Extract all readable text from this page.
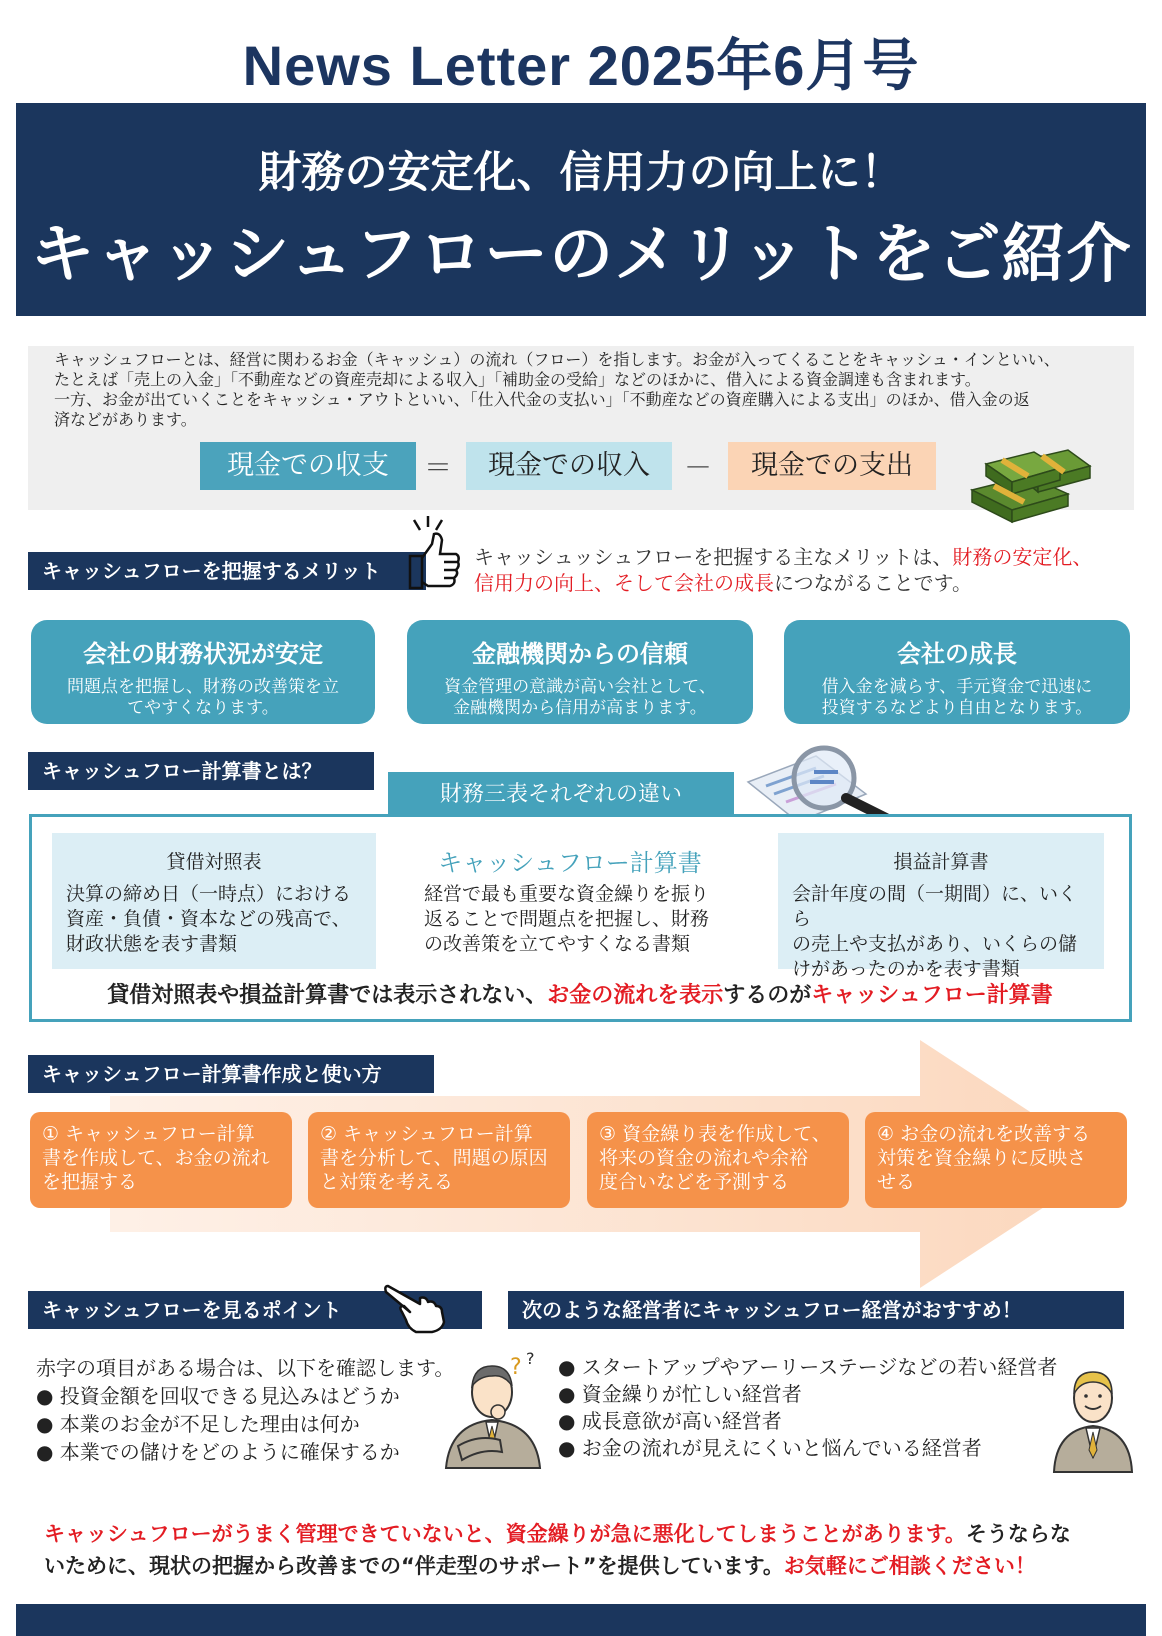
News Letter 2025年6月号
財務の安定化、信用力の向上に！
キャッシュフローのメリットをご紹介
キャッシュフローとは、経営に関わるお金（キャッシュ）の流れ（フロー）を指します。お金が入ってくることをキャッシュ・インといい、
たとえば「売上の入金」「不動産などの資産売却による収入」「補助金の受給」などのほかに、借入による資金調達も含まれます。
一方、お金が出ていくことをキャッシュ・アウトといい、「仕入代金の支払い」「不動産などの資産購入による支出」のほか、借入金の返
済などがあります。
現金での収支	＝	現金での収入	－	現金での支出
キャッシュフローを把握するメリット
キャッシュッシュフローを把握する主なメリットは、財務の安定化、
信用力の向上、そして会社の成長につながることです。
会社の財務状況が安定
問題点を把握し、財務の改善策を立
てやすくなります。
金融機関からの信頼
資金管理の意識が高い会社として、
金融機関から信用が高まります。
会社の成長
借入金を減らす、手元資金で迅速に
投資するなどより自由となります。
キャッシュフロー計算書とは？
財務三表それぞれの違い
貸借対照表
決算の締め日（一時点）における
資産・負債・資本などの残高で、
財政状態を表す書類
キャッシュフロー計算書
経営で最も重要な資金繰りを振り
返ることで問題点を把握し、財務
の改善策を立てやすくなる書類
損益計算書
会計年度の間（一期間）に、いくら
の売上や支払があり、いくらの儲
けがあったのかを表す書類
貸借対照表や損益計算書では表示されない、お金の流れを表示するのがキャッシュフロー計算書
キャッシュフロー計算書作成と使い方
① キャッシュフロー計算
書を作成して、お金の流れ
を把握する
② キャッシュフロー計算
書を分析して、問題の原因
と対策を考える
③ 資金繰り表を作成して、
将来の資金の流れや余裕
度合いなどを予測する
④ お金の流れを改善する
対策を資金繰りに反映さ
せる
キャッシュフローを見るポイント
赤字の項目がある場合は、以下を確認します。
● 投資金額を回収できる見込みはどうか
● 本業のお金が不足した理由は何か
● 本業での儲けをどのように確保するか
? ?
次のような経営者にキャッシュフロー経営がおすすめ！
● スタートアップやアーリーステージなどの若い経営者
● 資金繰りが忙しい経営者
● 成長意欲が高い経営者
● お金の流れが見えにくいと悩んでいる経営者
キャッシュフローがうまく管理できていないと、資金繰りが急に悪化してしまうことがあります。そうならな
いために、現状の把握から改善までの“伴走型のサポート”を提供しています。お気軽にご相談ください！
